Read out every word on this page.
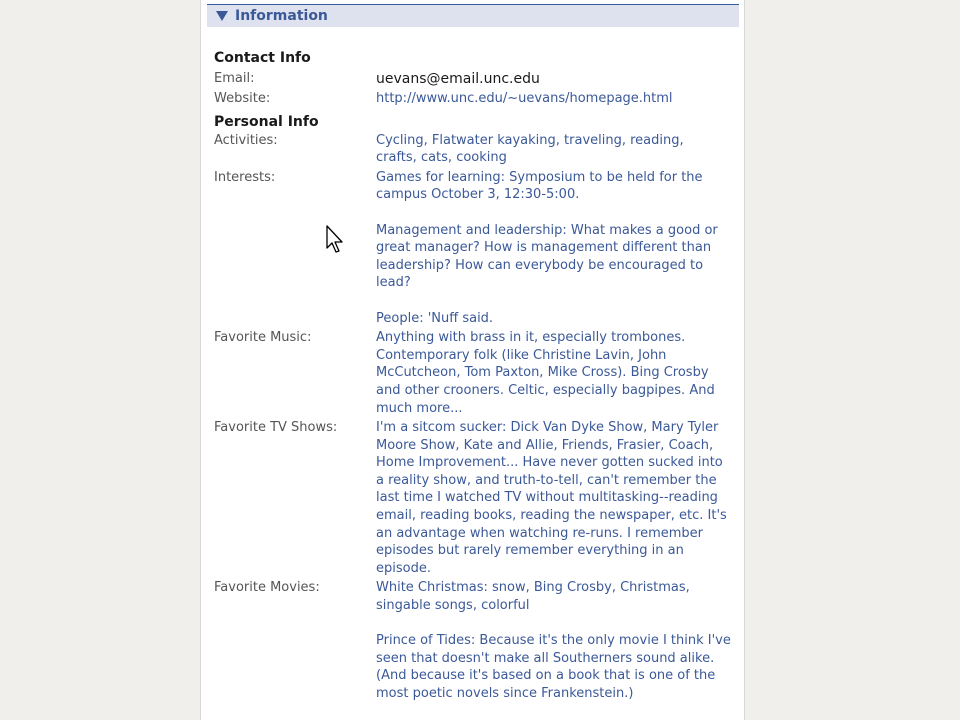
Information
Contact Info
Email:	uevans@email.unc.edu
Website:	http://www.unc.edu/~uevans/homepage.html
Personal Info
Activities:	Cycling, Flatwater kayaking, traveling, reading,
crafts, cats, cooking
Interests:	Games for learning: Symposium to be held for the
campus October 3, 12:30-5:00.

Management and leadership: What makes a good or
great manager? How is management different than
leadership? How can everybody be encouraged to
lead?

People: 'Nuff said.
Favorite Music:	Anything with brass in it, especially trombones.
Contemporary folk (like Christine Lavin, John
McCutcheon, Tom Paxton, Mike Cross). Bing Crosby
and other crooners. Celtic, especially bagpipes. And
much more...
Favorite TV Shows:	I'm a sitcom sucker: Dick Van Dyke Show, Mary Tyler
Moore Show, Kate and Allie, Friends, Frasier, Coach,
Home Improvement... Have never gotten sucked into
a reality show, and truth-to-tell, can't remember the
last time I watched TV without multitasking--reading
email, reading books, reading the newspaper, etc. It's
an advantage when watching re-runs. I remember
episodes but rarely remember everything in an
episode.
Favorite Movies:	White Christmas: snow, Bing Crosby, Christmas,
singable songs, colorful

Prince of Tides: Because it's the only movie I think I've
seen that doesn't make all Southerners sound alike.
(And because it's based on a book that is one of the
most poetic novels since Frankenstein.)
